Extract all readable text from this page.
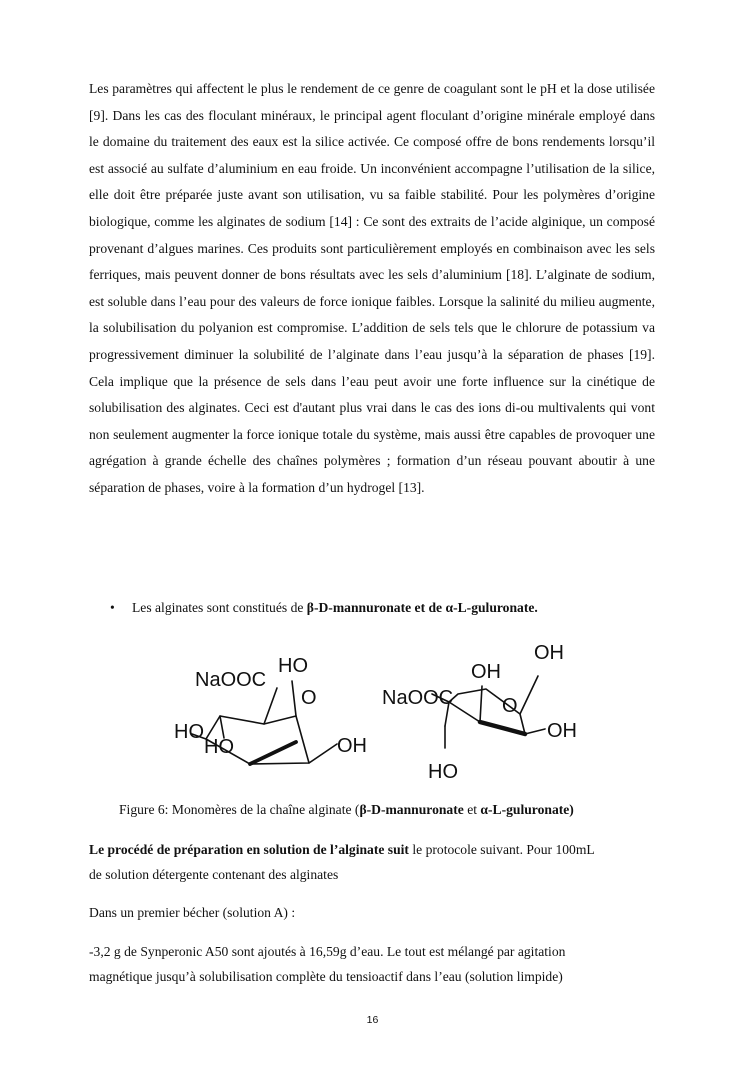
Les paramètres qui affectent le plus le rendement de ce genre de coagulant sont le pH et la dose utilisée [9]. Dans les cas des floculant minéraux, le principal agent floculant d’origine minérale employé dans le domaine du traitement des eaux est la silice activée. Ce composé offre de bons rendements lorsqu’il est associé au sulfate d’aluminium en eau froide. Un inconvénient accompagne l’utilisation de la silice, elle doit être préparée juste avant son utilisation, vu sa faible stabilité. Pour les polymères d’origine biologique, comme les alginates de sodium [14] : Ce sont des extraits de l’acide alginique, un composé provenant d’algues marines. Ces produits sont particulièrement employés en combinaison avec les sels ferriques, mais peuvent donner de bons résultats avec les sels d’aluminium [18]. L’alginate de sodium, est soluble dans l’eau pour des valeurs de force ionique faibles. Lorsque la salinité du milieu augmente, la solubilisation du polyanion est compromise. L’addition de sels tels que le chlorure de potassium va progressivement diminuer la solubilité de l’alginate dans l’eau jusqu’à la séparation de phases [19]. Cela implique que la présence de sels dans l’eau peut avoir une forte influence sur la cinétique de solubilisation des alginates. Ceci est d'autant plus vrai dans le cas des ions di-ou multivalents qui vont non seulement augmenter la force ionique totale du système, mais aussi être capables de provoquer une agrégation à grande échelle des chaînes polymères ; formation d’un réseau pouvant aboutir à une séparation de phases, voire à la formation d’un hydrogel [13].

• Les alginates sont constitués de β-D-mannuronate et de α-L-guluronate.
NaOOC
HO
O
HO
HO	OH
NaOOC
OH
OH
O
OH
HO
Figure 6: Monomères de la chaîne alginate (β-D-mannuronate et α-L-guluronate)
Le procédé de préparation en solution de l’alginate suit le protocole suivant. Pour 100mL
de solution détergente contenant des alginates
Dans un premier bécher (solution A) :
-3,2 g de Synperonic A50 sont ajoutés à 16,59g d’eau. Le tout est mélangé par agitation
magnétique jusqu’à solubilisation complète du tensioactif dans l’eau (solution limpide)
16
